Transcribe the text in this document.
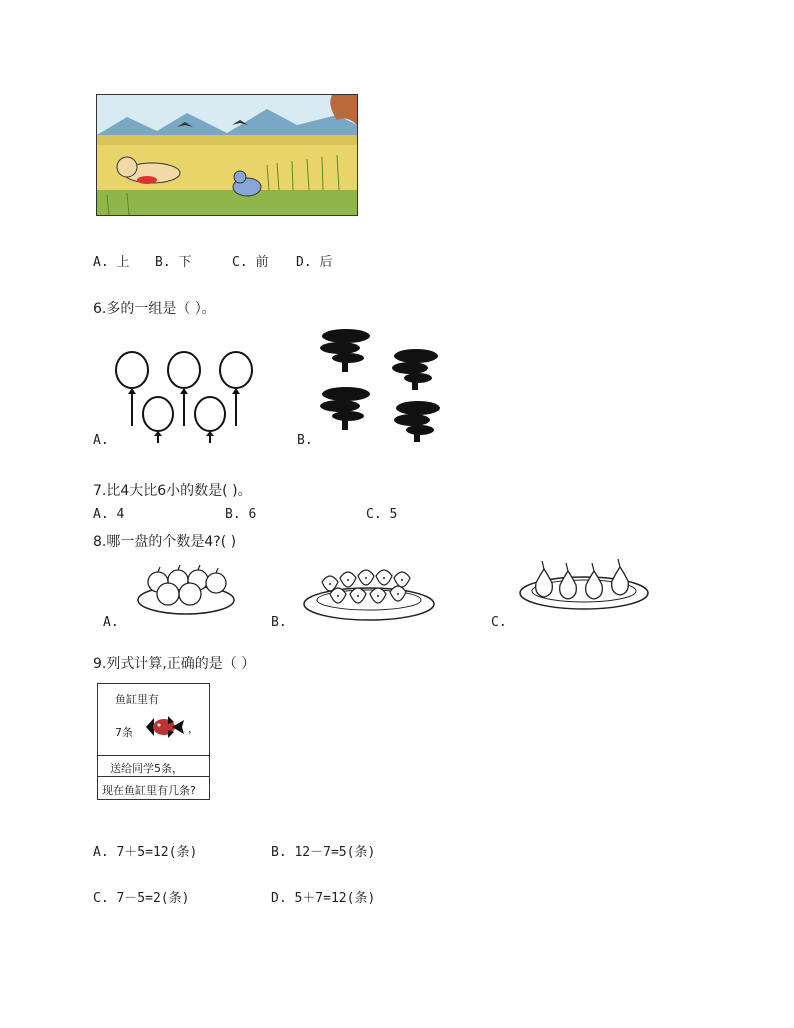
A. 上 B. 下	C. 前 D. 后
6.多的一组是（ ）。
A.	B.
7.比4大比6小的数是( )。
A. 4	B. 6	C. 5
8.哪一盘的个数是4?( )
A.	B.	C.
9.列式计算,正确的是（ ）
鱼缸里有
7条	，
送给同学5条，
现在鱼缸里有几条?
A. 7＋5=12(条)	B. 12－7=5(条)
C. 7－5=2(条)	D. 5＋7=12(条)
